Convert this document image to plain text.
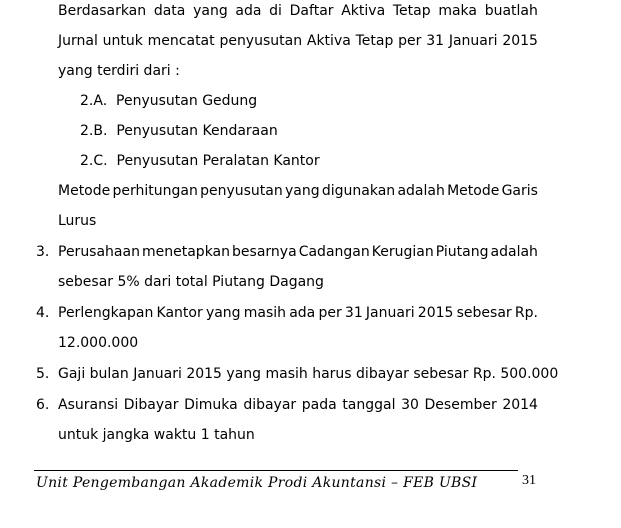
Berdasarkan data yang ada di Daftar Aktiva Tetap maka buatlah
Jurnal untuk mencatat penyusutan Aktiva Tetap per 31 Januari 2015
yang terdiri dari :
2.A. Penyusutan Gedung
2.B. Penyusutan Kendaraan
2.C. Penyusutan Peralatan Kantor
Metode perhitungan penyusutan yang digunakan adalah Metode Garis
Lurus
3. Perusahaan menetapkan besarnya Cadangan Kerugian Piutang adalah
sebesar 5% dari total Piutang Dagang
4. Perlengkapan Kantor yang masih ada per 31 Januari 2015 sebesar Rp.
12.000.000
5. Gaji bulan Januari 2015 yang masih harus dibayar sebesar Rp. 500.000
6. Asuransi Dibayar Dimuka dibayar pada tanggal 30 Desember 2014
untuk jangka waktu 1 tahun
Unit Pengembangan Akademik Prodi Akuntansi – FEB UBSI	31
